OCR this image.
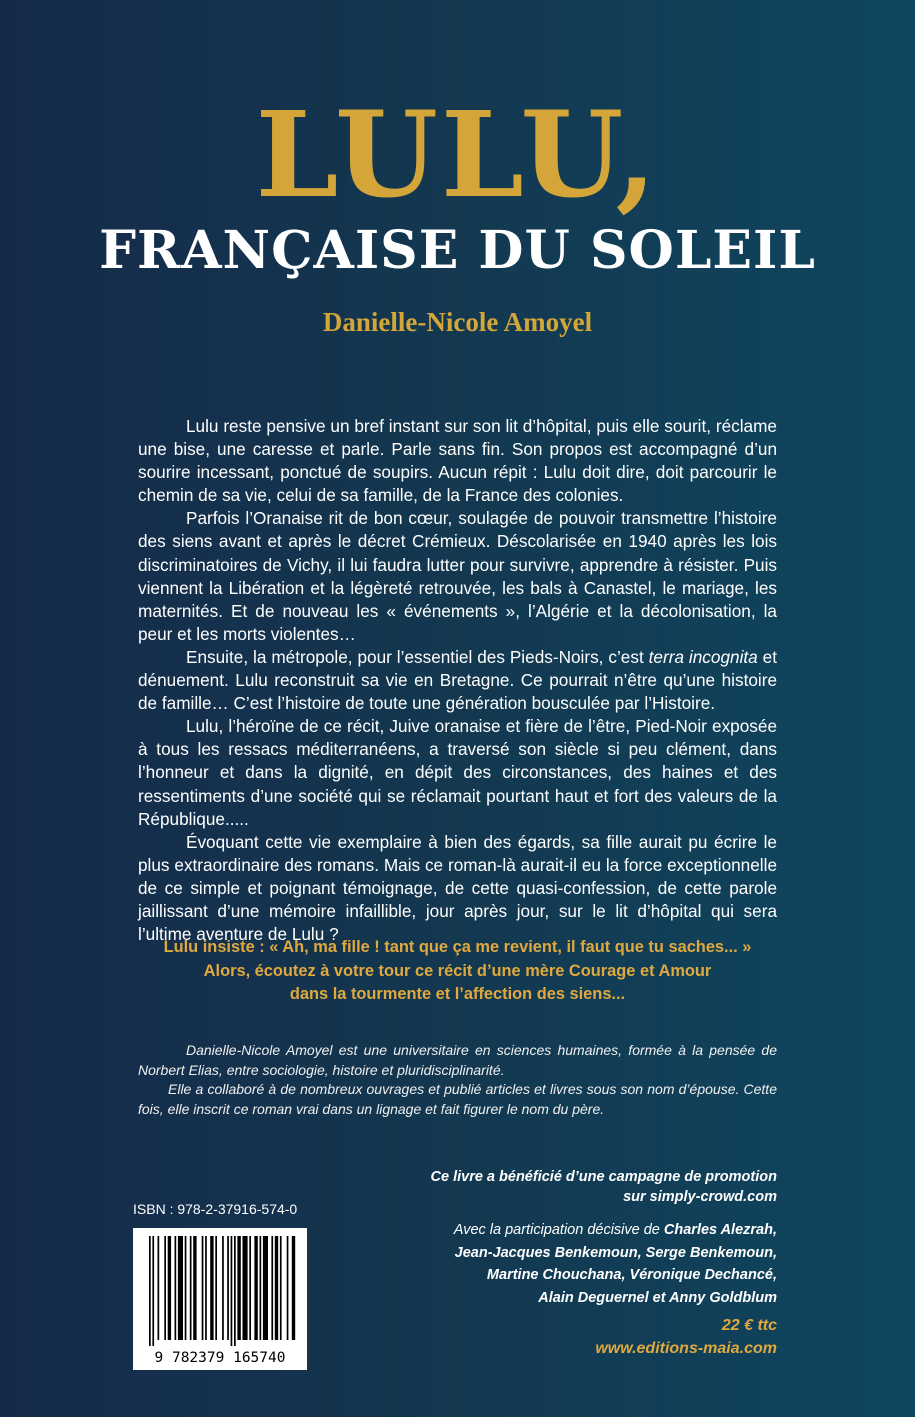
LULU,
FRANÇAISE DU SOLEIL
Danielle-Nicole Amoyel

Lulu reste pensive un bref instant sur son lit d’hôpital, puis elle sourit, réclame une bise, une caresse et parle. Parle sans fin. Son propos est accompagné d’un sourire incessant, ponctué de soupirs. Aucun répit : Lulu doit dire, doit parcourir le chemin de sa vie, celui de sa famille, de la France des colonies.

Parfois l’Oranaise rit de bon cœur, soulagée de pouvoir transmettre l’histoire des siens avant et après le décret Crémieux. Déscolarisée en 1940 après les lois discriminatoires de Vichy, il lui faudra lutter pour survivre, apprendre à résister. Puis viennent la Libération et la légèreté retrouvée, les bals à Canastel, le mariage, les maternités. Et de nouveau les « événements », l’Algérie et la décolonisation, la peur et les morts violentes…

Ensuite, la métropole, pour l’essentiel des Pieds-Noirs, c’est terra incognita et dénuement. Lulu reconstruit sa vie en Bretagne. Ce pourrait n’être qu’une histoire de famille… C’est l’histoire de toute une génération bousculée par l’Histoire.

Lulu, l’héroïne de ce récit, Juive oranaise et fière de l’être, Pied-Noir exposée à tous les ressacs méditerranéens, a traversé son siècle si peu clément, dans l’honneur et dans la dignité, en dépit des circonstances, des haines et des ressentiments d’une société qui se réclamait pourtant haut et fort des valeurs de la République.....

Évoquant cette vie exemplaire à bien des égards, sa fille aurait pu écrire le plus extraordinaire des romans. Mais ce roman-là aurait-il eu la force exceptionnelle de ce simple et poignant témoignage, de cette quasi-confession, de cette parole jaillissant d’une mémoire infaillible, jour après jour, sur le lit d’hôpital qui sera l’ultime aventure de Lulu ?

Lulu insiste : « Ah, ma fille ! tant que ça me revient, il faut que tu saches... »
Alors, écoutez à votre tour ce récit d’une mère Courage et Amour
dans la tourmente et l’affection des siens...

Danielle-Nicole Amoyel est une universitaire en sciences humaines, formée à la pensée de Norbert Elias, entre sociologie, histoire et pluridisciplinarité.

Elle a collaboré à de nombreux ouvrages et publié articles et livres sous son nom d’épouse. Cette fois, elle inscrit ce roman vrai dans un lignage et fait figurer le nom du père.

ISBN : 978-2-37916-574-0
9 782379 165740
Ce livre a bénéficié d’une campagne de promotion
sur simply-crowd.com
Avec la participation décisive de Charles Alezrah,
Jean-Jacques Benkemoun, Serge Benkemoun,
Martine Chouchana, Véronique Dechancé,
Alain Deguernel et Anny Goldblum
22 € ttc
www.editions-maia.com
